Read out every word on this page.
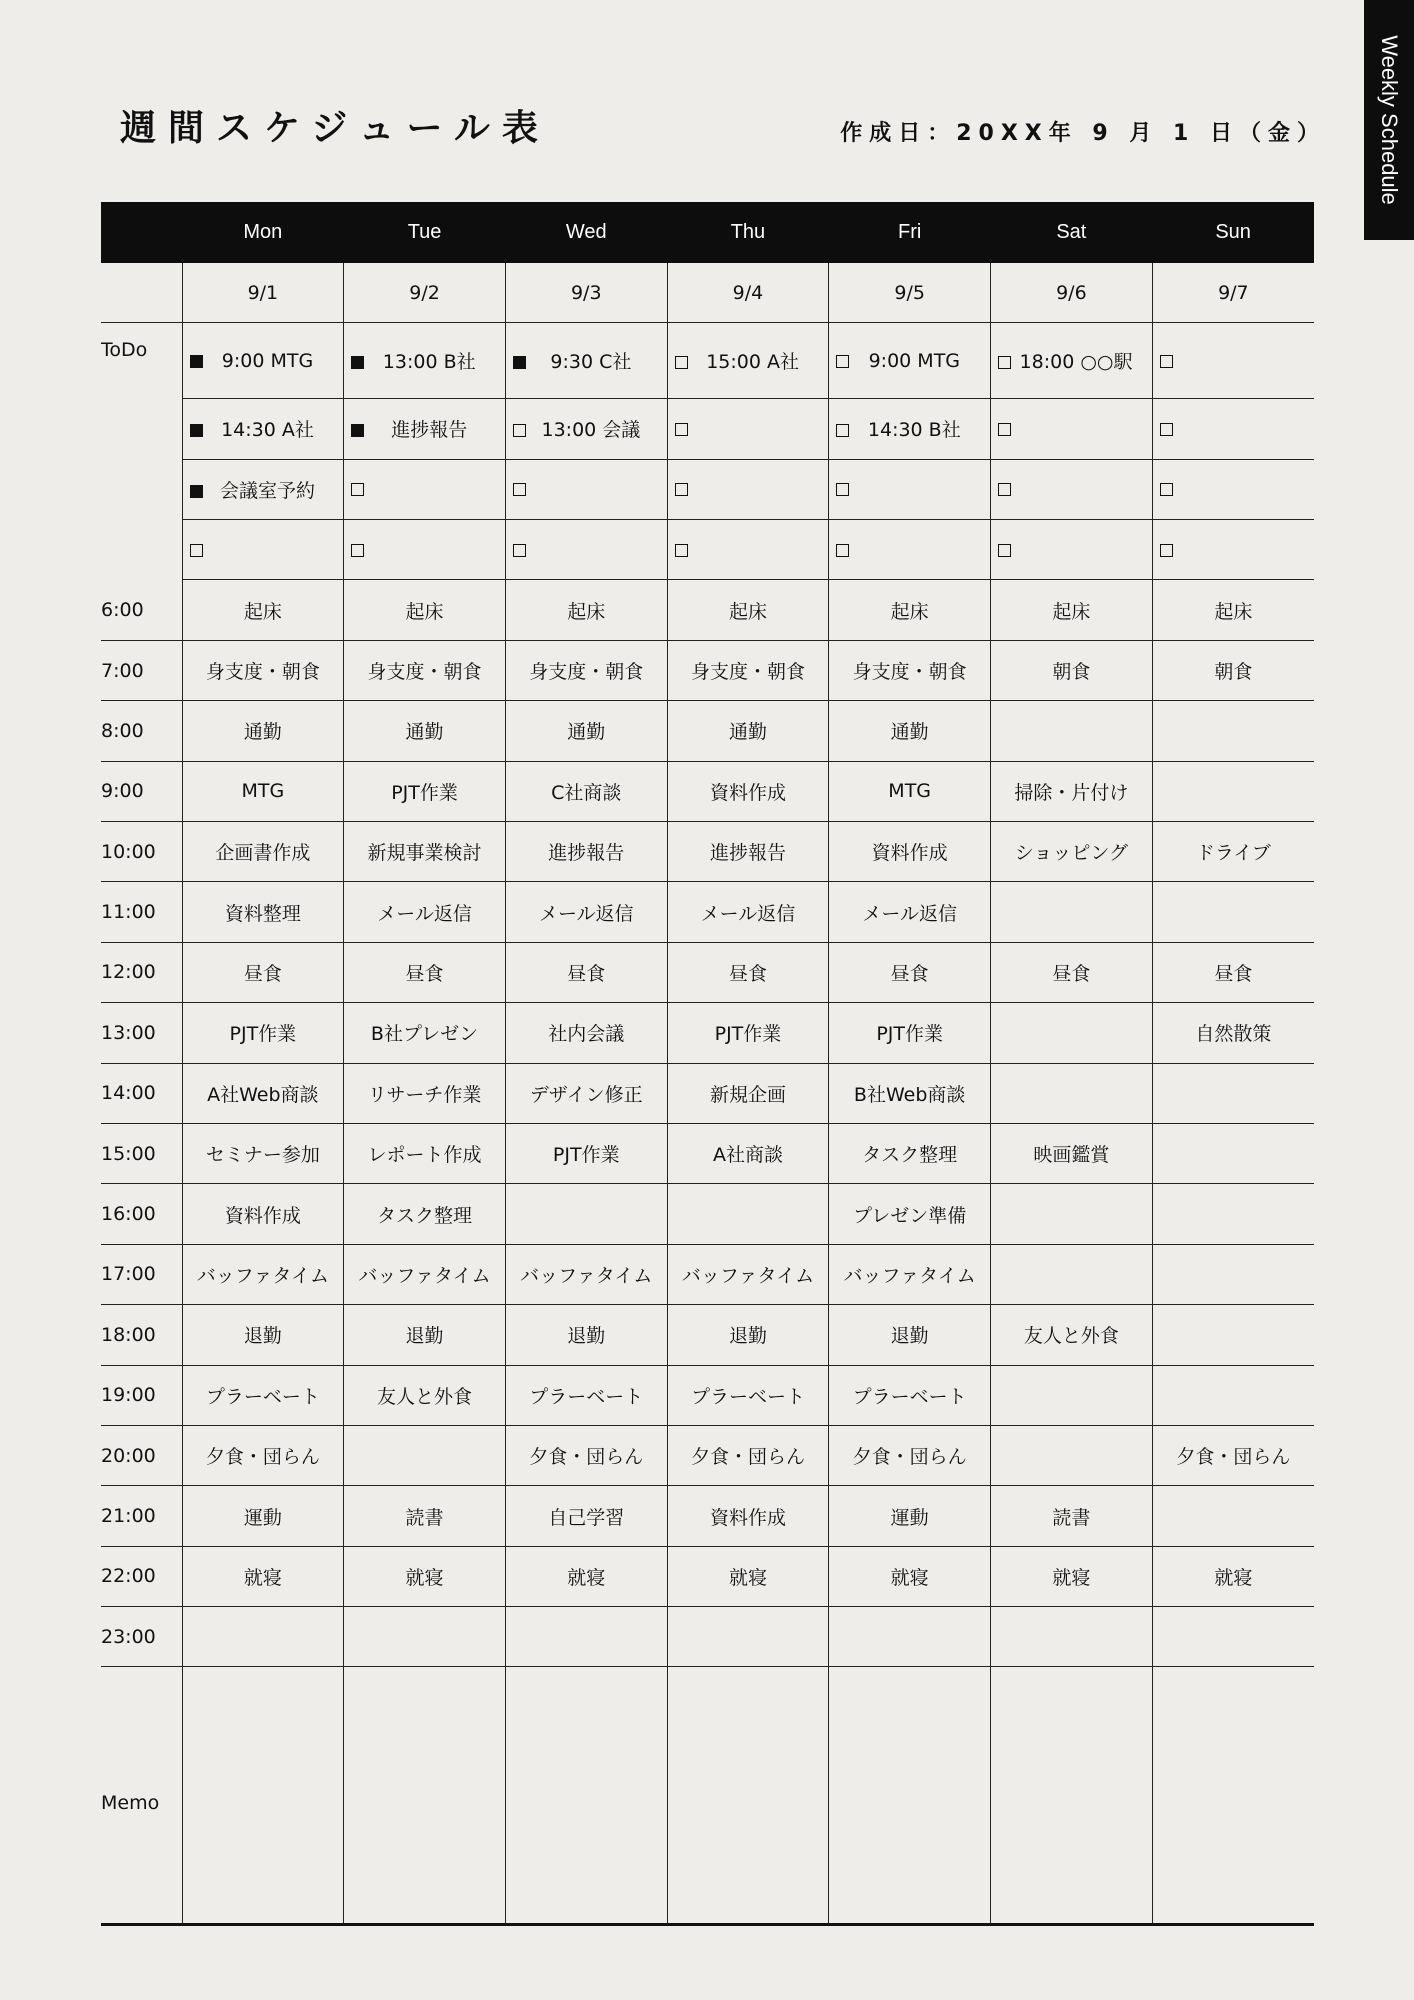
Weekly Schedule
週間スケジュール表	作成日：20XX年 9 月 1 日（金）
	Mon	Tue	Wed	Thu	Fri	Sat	Sun
	9/1	9/2	9/3	9/4	9/5	9/6	9/7
ToDo	9:00 MTG	13:00 B社	9:30 C社	15:00 A社	9:00 MTG	18:00 ○○駅	
	14:30 A社	進捗報告	13:00 会議		14:30 B社		
	会議室予約						

6:00	起床	起床	起床	起床	起床	起床	起床
7:00	身支度・朝食	身支度・朝食	身支度・朝食	身支度・朝食	身支度・朝食	朝食	朝食
8:00	通勤	通勤	通勤	通勤	通勤		
9:00	MTG	PJT作業	C社商談	資料作成	MTG	掃除・片付け	
10:00	企画書作成	新規事業検討	進捗報告	進捗報告	資料作成	ショッピング	ドライブ
11:00	資料整理	メール返信	メール返信	メール返信	メール返信		
12:00	昼食	昼食	昼食	昼食	昼食	昼食	昼食
13:00	PJT作業	B社プレゼン	社内会議	PJT作業	PJT作業		自然散策
14:00	A社Web商談	リサーチ作業	デザイン修正	新規企画	B社Web商談		
15:00	セミナー参加	レポート作成	PJT作業	A社商談	タスク整理	映画鑑賞	
16:00	資料作成	タスク整理			プレゼン準備		
17:00	バッファタイム	バッファタイム	バッファタイム	バッファタイム	バッファタイム		
18:00	退勤	退勤	退勤	退勤	退勤	友人と外食	
19:00	プラーベート	友人と外食	プラーベート	プラーベート	プラーベート		
20:00	夕食・団らん		夕食・団らん	夕食・団らん	夕食・団らん		夕食・団らん
21:00	運動	読書	自己学習	資料作成	運動	読書	
22:00	就寝	就寝	就寝	就寝	就寝	就寝	就寝
23:00							
Memo							
